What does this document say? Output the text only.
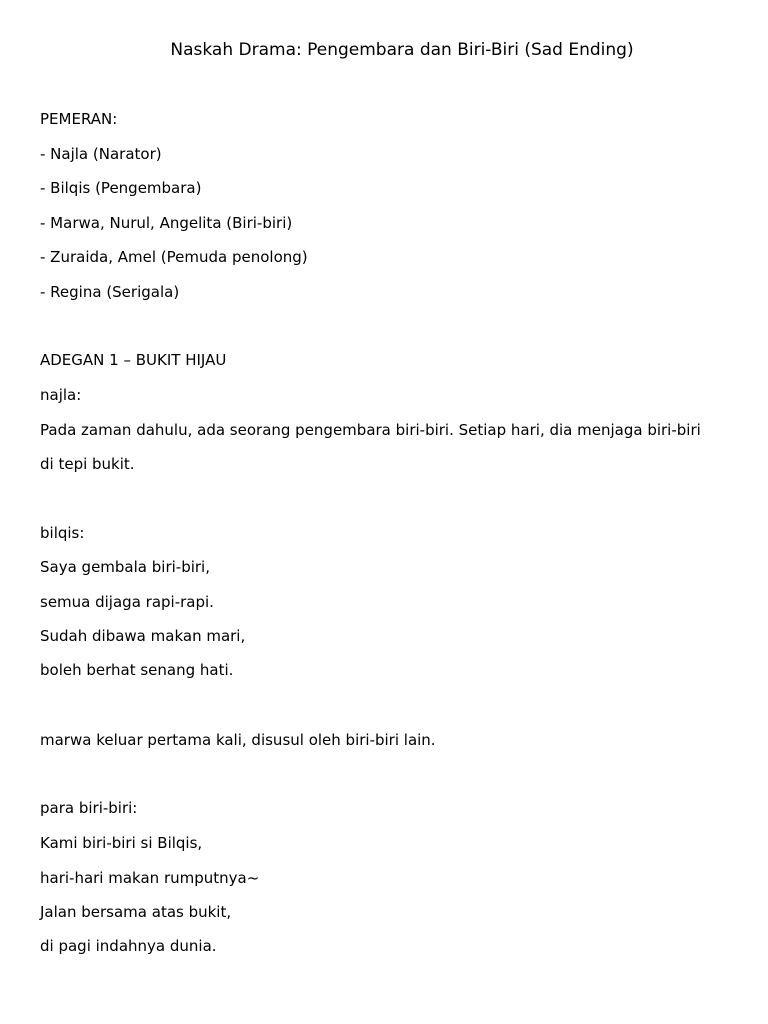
Naskah Drama: Pengembara dan Biri-Biri (Sad Ending)
PEMERAN:
- Najla (Narator)
- Bilqis (Pengembara)
- Marwa, Nurul, Angelita (Biri-biri)
- Zuraida, Amel (Pemuda penolong)
- Regina (Serigala)
ADEGAN 1 – BUKIT HIJAU
najla:
Pada zaman dahulu, ada seorang pengembara biri-biri. Setiap hari, dia menjaga biri-biri
di tepi bukit.
bilqis:
Saya gembala biri-biri,
semua dijaga rapi-rapi.
Sudah dibawa makan mari,
boleh berhat senang hati.
marwa keluar pertama kali, disusul oleh biri-biri lain.
para biri-biri:
Kami biri-biri si Bilqis,
hari-hari makan rumputnya~
Jalan bersama atas bukit,
di pagi indahnya dunia.
